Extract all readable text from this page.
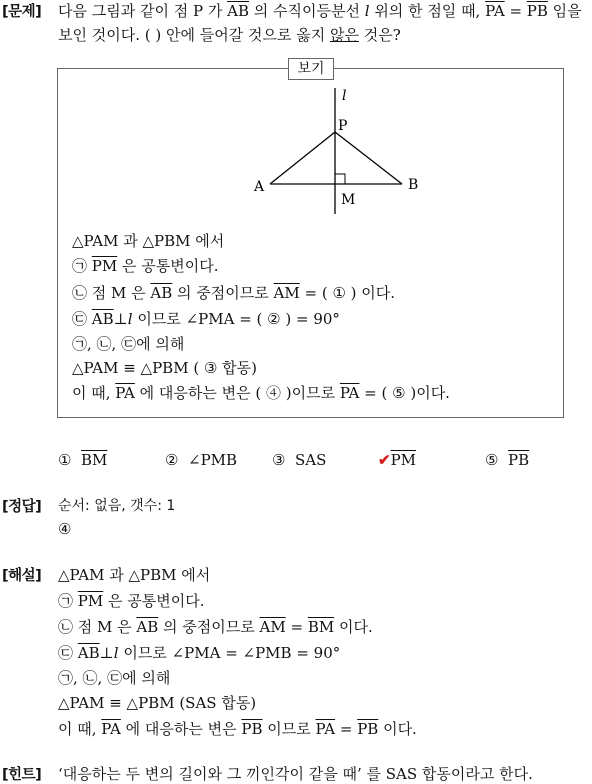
[문제] 다음 그림과 같이 점 P 가 $\overline{AB}$ 의 수직이등분선 l 위의 한 점일 때, $\overline{PA} = \overline{PB}$ 임을
보인 것이다. ( ) 안에 들어갈 것으로 옳지 않은 것은?
보기
l
P
A	B
M
△PAM 과 △PBM 에서
㉠ $\overline{PM}$ 은 공통변이다.
㉡ 점 M 은 $\overline{AB}$ 의 중점이므로 $\overline{AM}$ = ( ① ) 이다.
㉢ $\overline{AB}\perp l$ 이므로 ∠PMA = ( ② ) = 90°
㉠, ㉡, ㉢에 의해
△PAM ≡ △PBM ( ③ 합동)
이 때, $\overline{PA}$ 에 대응하는 변은 ( ④ )이므로 $\overline{PA}$ = ( ⑤ )이다.
① $\overline{BM}$	② ∠PMB ③ SAS	$✔\overline{PM}$	⑤ $\overline{PB}$
[정답] 순서: 없음, 갯수: 1
④
[해설] △PAM 과 △PBM 에서
㉠ $\overline{PM}$ 은 공통변이다.
㉡ 점 M 은 $\overline{AB}$ 의 중점이므로 $\overline{AM} = \overline{BM}$ 이다.
㉢ $\overline{AB}\perp l$ 이므로 ∠PMA = ∠PMB = 90°
㉠, ㉡, ㉢에 의해
△PAM ≡ △PBM (SAS 합동)
이 때, $\overline{PA}$ 에 대응하는 변은 $\overline{PB}$ 이므로 $\overline{PA} = \overline{PB}$ 이다.
[힌트] ‘대응하는 두 변의 길이와 그 끼인각이 같을 때’ 를 SAS 합동이라고 한다.
